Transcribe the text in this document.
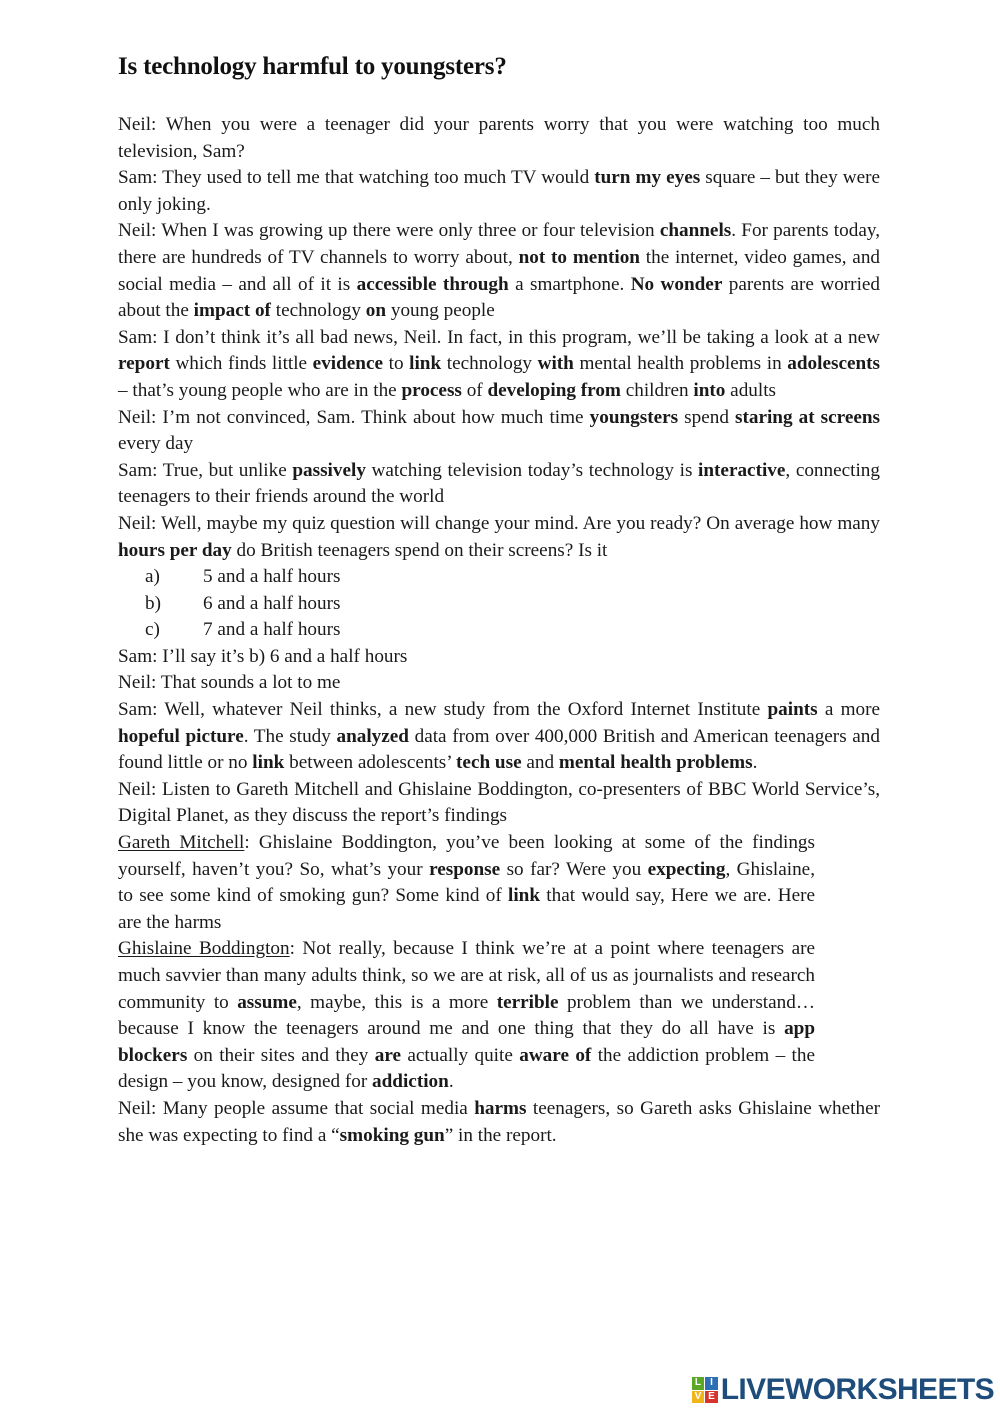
Is technology harmful to youngsters?

Neil: When you were a teenager did your parents worry that you were watching too much television, Sam?

Sam: They used to tell me that watching too much TV would turn my eyes square – but they were only joking.

Neil: When I was growing up there were only three or four television channels. For parents today, there are hundreds of TV channels to worry about, not to mention the internet, video games, and social media – and all of it is accessible through a smartphone. No wonder parents are worried about the impact of technology on young people

Sam: I don’t think it’s all bad news, Neil. In fact, in this program, we’ll be taking a look at a new report which finds little evidence to link technology with mental health problems in adolescents – that’s young people who are in the process of developing from children into adults

Neil: I’m not convinced, Sam. Think about how much time youngsters spend staring at screens every day

Sam: True, but unlike passively watching television today’s technology is interactive, connecting teenagers to their friends around the world

Neil: Well, maybe my quiz question will change your mind. Are you ready? On average how many hours per day do British teenagers spend on their screens? Is it

a)	5 and a half hours
b)	6 and a half hours
c)	7 and a half hours

Sam: I’ll say it’s b) 6 and a half hours

Neil: That sounds a lot to me

Sam: Well, whatever Neil thinks, a new study from the Oxford Internet Institute paints a more hopeful picture. The study analyzed data from over 400,000 British and American teenagers and found little or no link between adolescents’ tech use and mental health problems.

Neil: Listen to Gareth Mitchell and Ghislaine Boddington, co-presenters of BBC World Service’s, Digital Planet, as they discuss the report’s findings

Gareth Mitchell: Ghislaine Boddington, you’ve been looking at some of the findings yourself, haven’t you? So, what’s your response so far? Were you expecting, Ghislaine, to see some kind of smoking gun? Some kind of link that would say, Here we are. Here are the harms

Ghislaine Boddington: Not really, because I think we’re at a point where teenagers are much savvier than many adults think, so we are at risk, all of us as journalists and research community to assume, maybe, this is a more terrible problem than we understand… because I know the teenagers around me and one thing that they do all have is app blockers on their sites and they are actually quite aware of the addiction problem – the design – you know, designed for addiction.

Neil: Many people assume that social media harms teenagers, so Gareth asks Ghislaine whether she was expecting to find a “smoking gun” in the report.

L I
V E LIVEWORKSHEETS
